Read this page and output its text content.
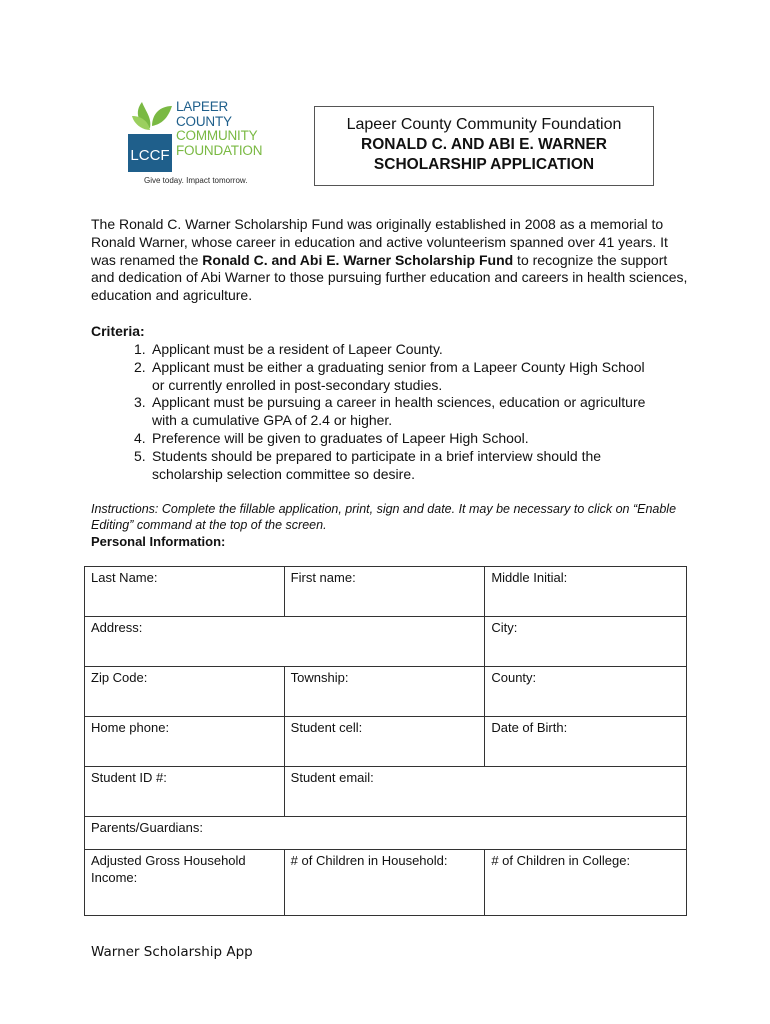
LCCF
LAPEER
COUNTY
COMMUNITY
FOUNDATION
Give today. Impact tomorrow.
Lapeer County Community Foundation
RONALD C. AND ABI E. WARNER
SCHOLARSHIP APPLICATION
The Ronald C. Warner Scholarship Fund was originally established in 2008 as a memorial to Ronald Warner, whose career in education and active volunteerism spanned over 41 years. It was renamed the Ronald C. and Abi E. Warner Scholarship Fund to recognize the support and dedication of Abi Warner to those pursuing further education and careers in health sciences, education and agriculture.
Criteria:
1. Applicant must be a resident of Lapeer County.
2. Applicant must be either a graduating senior from a Lapeer County High School or currently enrolled in post-secondary studies.
3. Applicant must be pursuing a career in health sciences, education or agriculture with a cumulative GPA of 2.4 or higher.
4. Preference will be given to graduates of Lapeer High School.
5. Students should be prepared to participate in a brief interview should the scholarship selection committee so desire.
Instructions: Complete the fillable application, print, sign and date. It may be necessary to click on “Enable Editing” command at the top of the screen.
Personal Information:
Last Name:	First name:	Middle Initial:
Address:		City:
Zip Code:	Township:	County:
Home phone:	Student cell:	Date of Birth:
Student ID #:	Student email:	
Parents/Guardians:		
Adjusted Gross Household Income:	# of Children in Household:	# of Children in College:
Warner Scholarship App
